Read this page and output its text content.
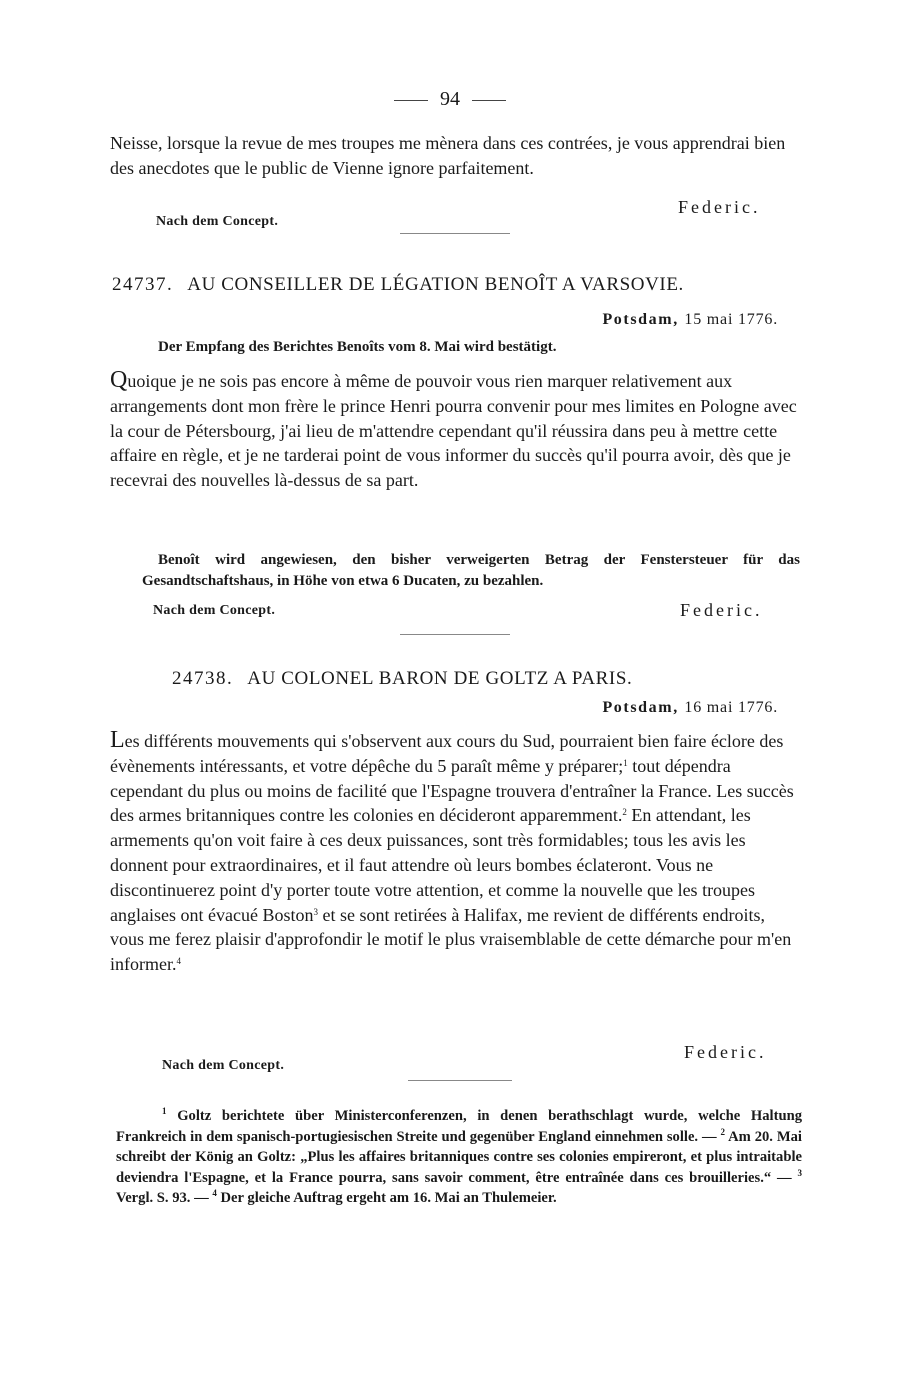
94

Neisse, lorsque la revue de mes troupes me mènera dans ces contrées, je vous apprendrai bien des anecdotes que le public de Vienne ignore parfaitement.

Nach dem Concept.
Federic.
24737. AU CONSEILLER DE LÉGATION BENOÎT A VARSOVIE.
Potsdam, 15 mai 1776.
Der Empfang des Berichtes Benoîts vom 8. Mai wird bestätigt.

Quoique je ne sois pas encore à même de pouvoir vous rien marquer relativement aux arrangements dont mon frère le prince Henri pourra convenir pour mes limites en Pologne avec la cour de Pétersbourg, j'ai lieu de m'attendre cependant qu'il réussira dans peu à mettre cette affaire en règle, et je ne tarderai point de vous informer du succès qu'il pourra avoir, dès que je recevrai des nouvelles là-dessus de sa part.

Benoît wird angewiesen, den bisher verweigerten Betrag der Fenstersteuer für das Gesandtschaftshaus, in Höhe von etwa 6 Ducaten, zu bezahlen.
Nach dem Concept.	Federic.
24738. AU COLONEL BARON DE GOLTZ A PARIS.
Potsdam, 16 mai 1776.

Les différents mouvements qui s'observent aux cours du Sud, pourraient bien faire éclore des évènements intéressants, et votre dépêche du 5 paraît même y préparer;$^1$ tout dépendra cependant du plus ou moins de facilité que l'Espagne trouvera d'entraîner la France. Les succès des armes britanniques contre les colonies en décideront apparemment.$^2$ En attendant, les armements qu'on voit faire à ces deux puissances, sont très formidables; tous les avis les donnent pour extraordinaires, et il faut attendre où leurs bombes éclateront. Vous ne discontinuerez point d'y porter toute votre attention, et comme la nouvelle que les troupes anglaises ont évacué Boston$^3$ et se sont retirées à Halifax, me revient de différents endroits, vous me ferez plaisir d'approfondir le motif le plus vraisemblable de cette démarche pour m'en informer.$^4$

Nach dem Concept.
Federic.

$^1$ Goltz berichtete über Ministerconferenzen, in denen berathschlagt wurde, welche Haltung Frankreich in dem spanisch-portugiesischen Streite und gegenüber England einnehmen solle. — $^2$ Am 20. Mai schreibt der König an Goltz: „Plus les affaires britanniques contre ses colonies empireront, et plus intraitable deviendra l'Espagne, et la France pourra, sans savoir comment, être entraînée dans ces brouilleries.“ — $^3$ Vergl. S. 93. — $^4$ Der gleiche Auftrag ergeht am 16. Mai an Thulemeier.
